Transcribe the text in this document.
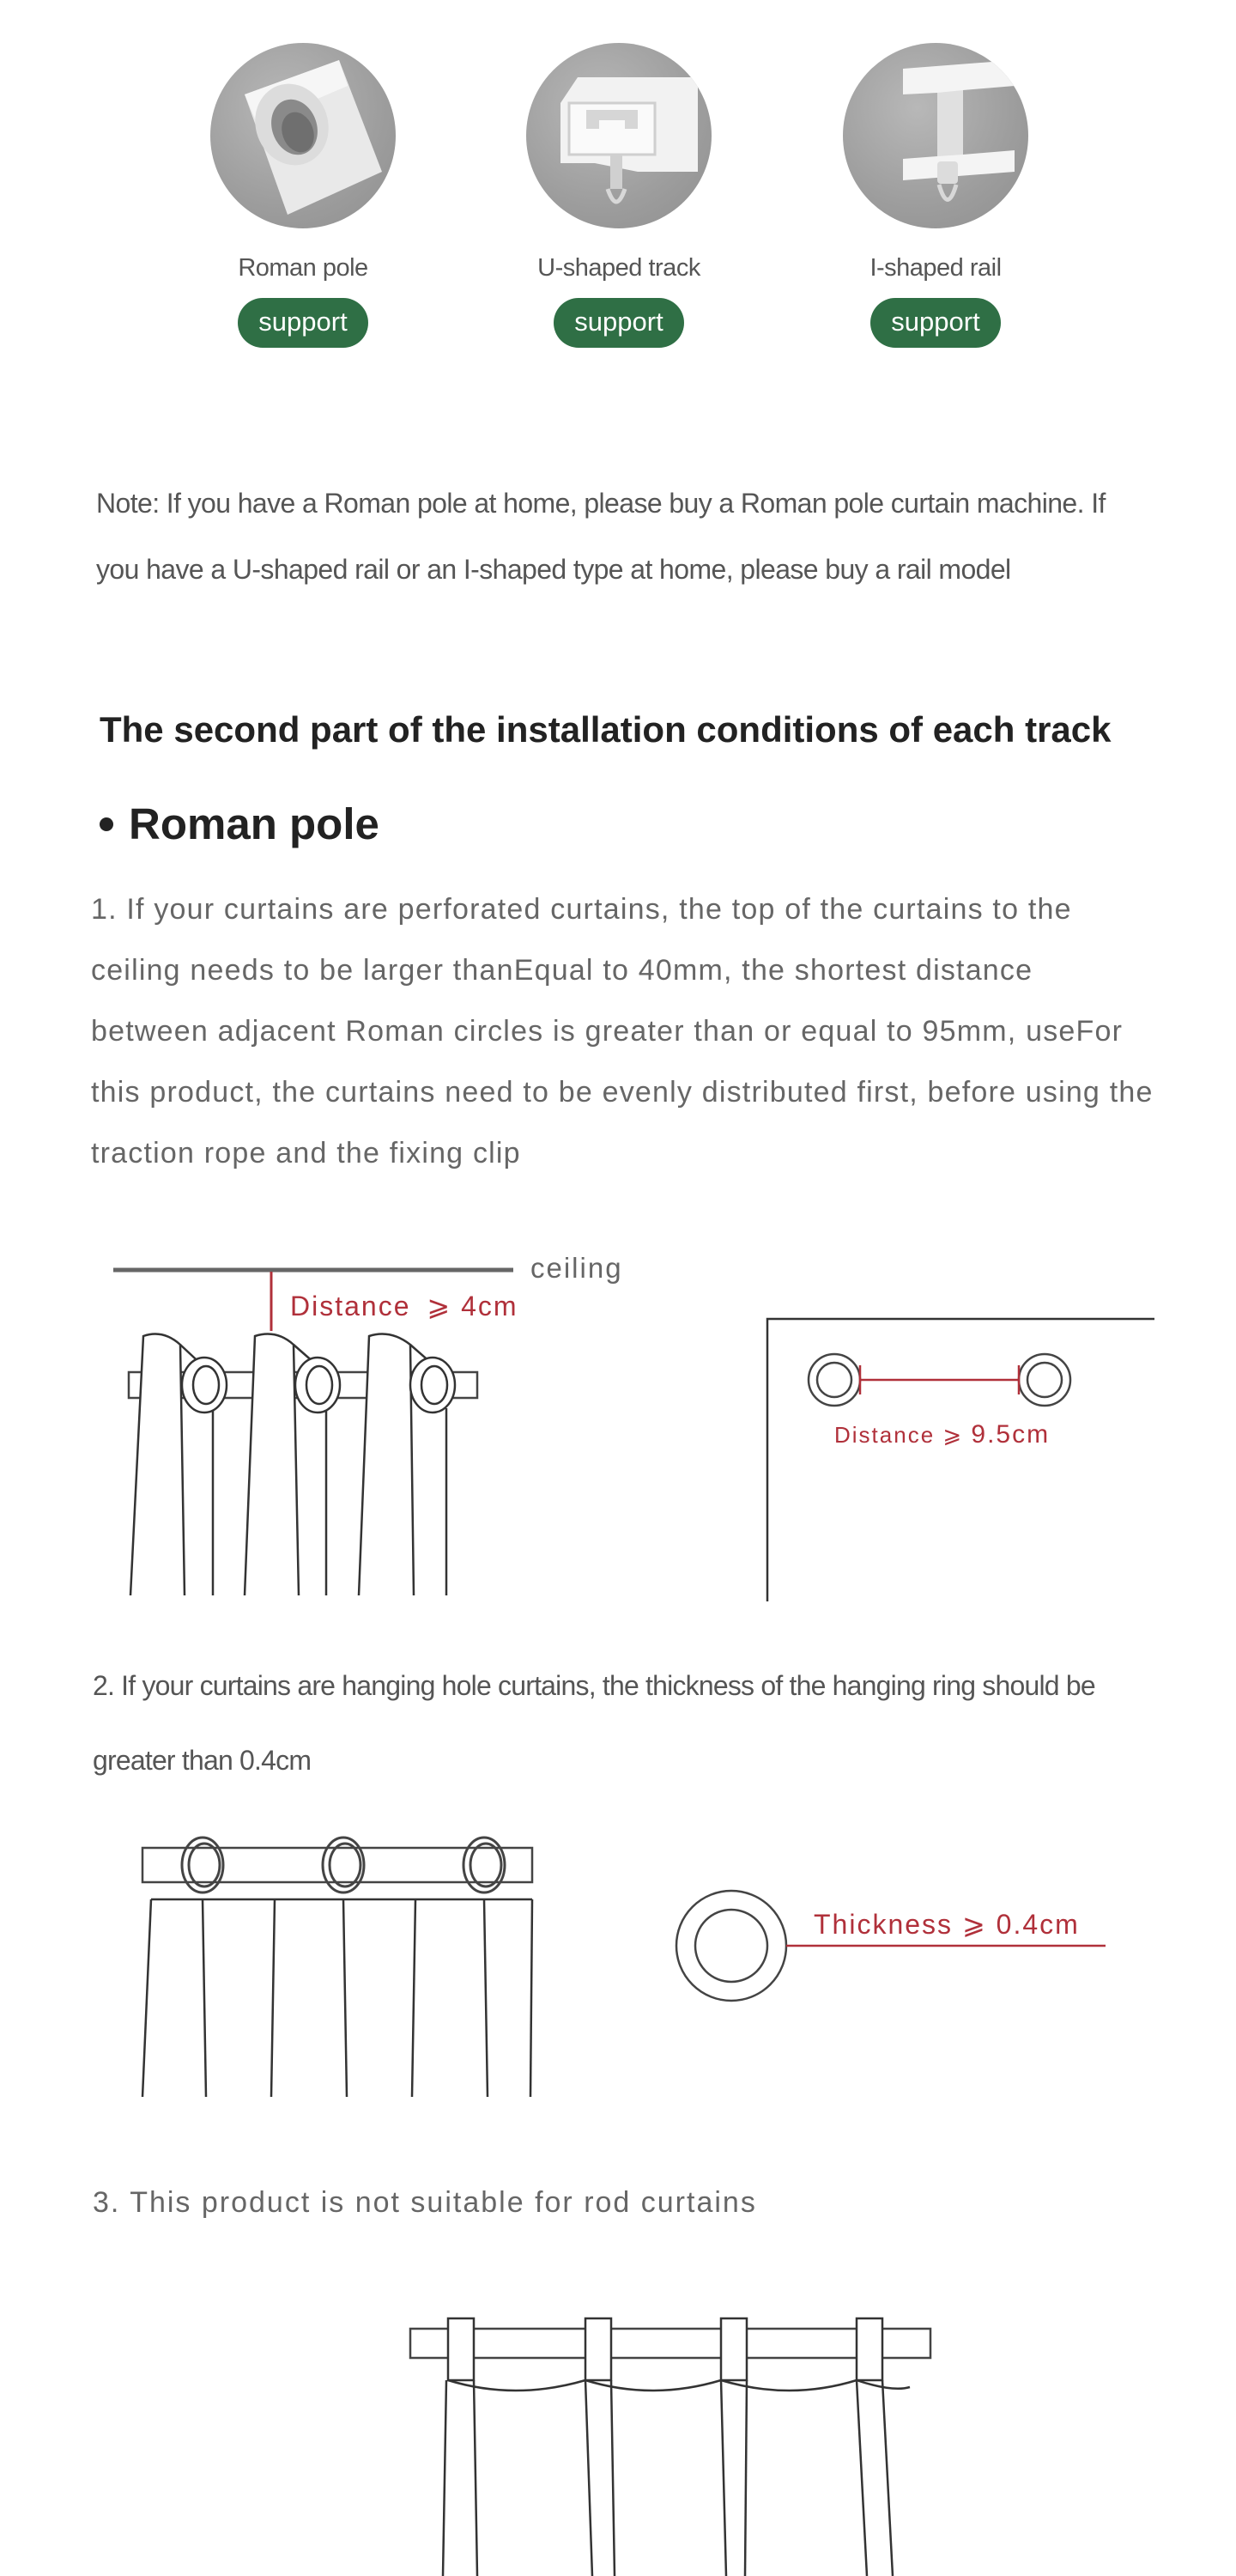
Roman pole
support
U-shaped track
support
I-shaped rail
support
Note: If you have a Roman pole at home, please buy a Roman pole curtain machine. If you have a U-shaped rail or an I-shaped type at home, please buy a rail model
The second part of the installation conditions of each track
Roman pole
1. If your curtains are perforated curtains, the top of the curtains to the ceiling needs to be larger thanEqual to 40mm, the shortest distance between adjacent Roman circles is greater than or equal to 95mm, useFor this product, the curtains need to be evenly distributed first, before using the traction rope and the fixing clip
ceiling
Distance ⩾ 4cm
Distance ⩾ 9.5cm
2. If your curtains are hanging hole curtains, the thickness of the hanging ring should be greater than 0.4cm
Thickness ⩾ 0.4cm
3. This product is not suitable for rod curtains
